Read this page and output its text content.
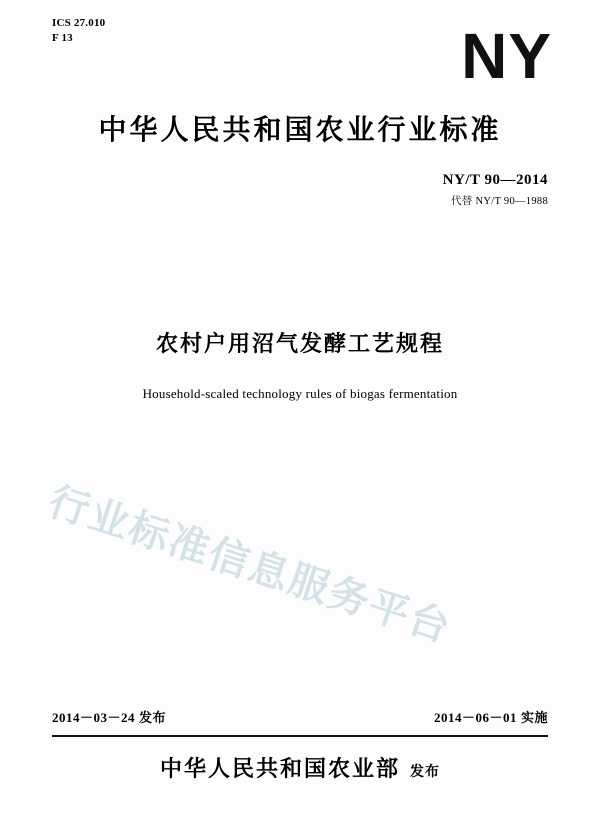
ICS 27.010
F 13	NY
中华人民共和国农业行业标准
NY/T 90—2014
代替 NY/T 90—1988
农村户用沼气发酵工艺规程
Household-scaled technology rules of biogas fermentation
行业标准信息服务平台
2014－03－24 发布	2014－06－01 实施
中华人民共和国农业部 发布
